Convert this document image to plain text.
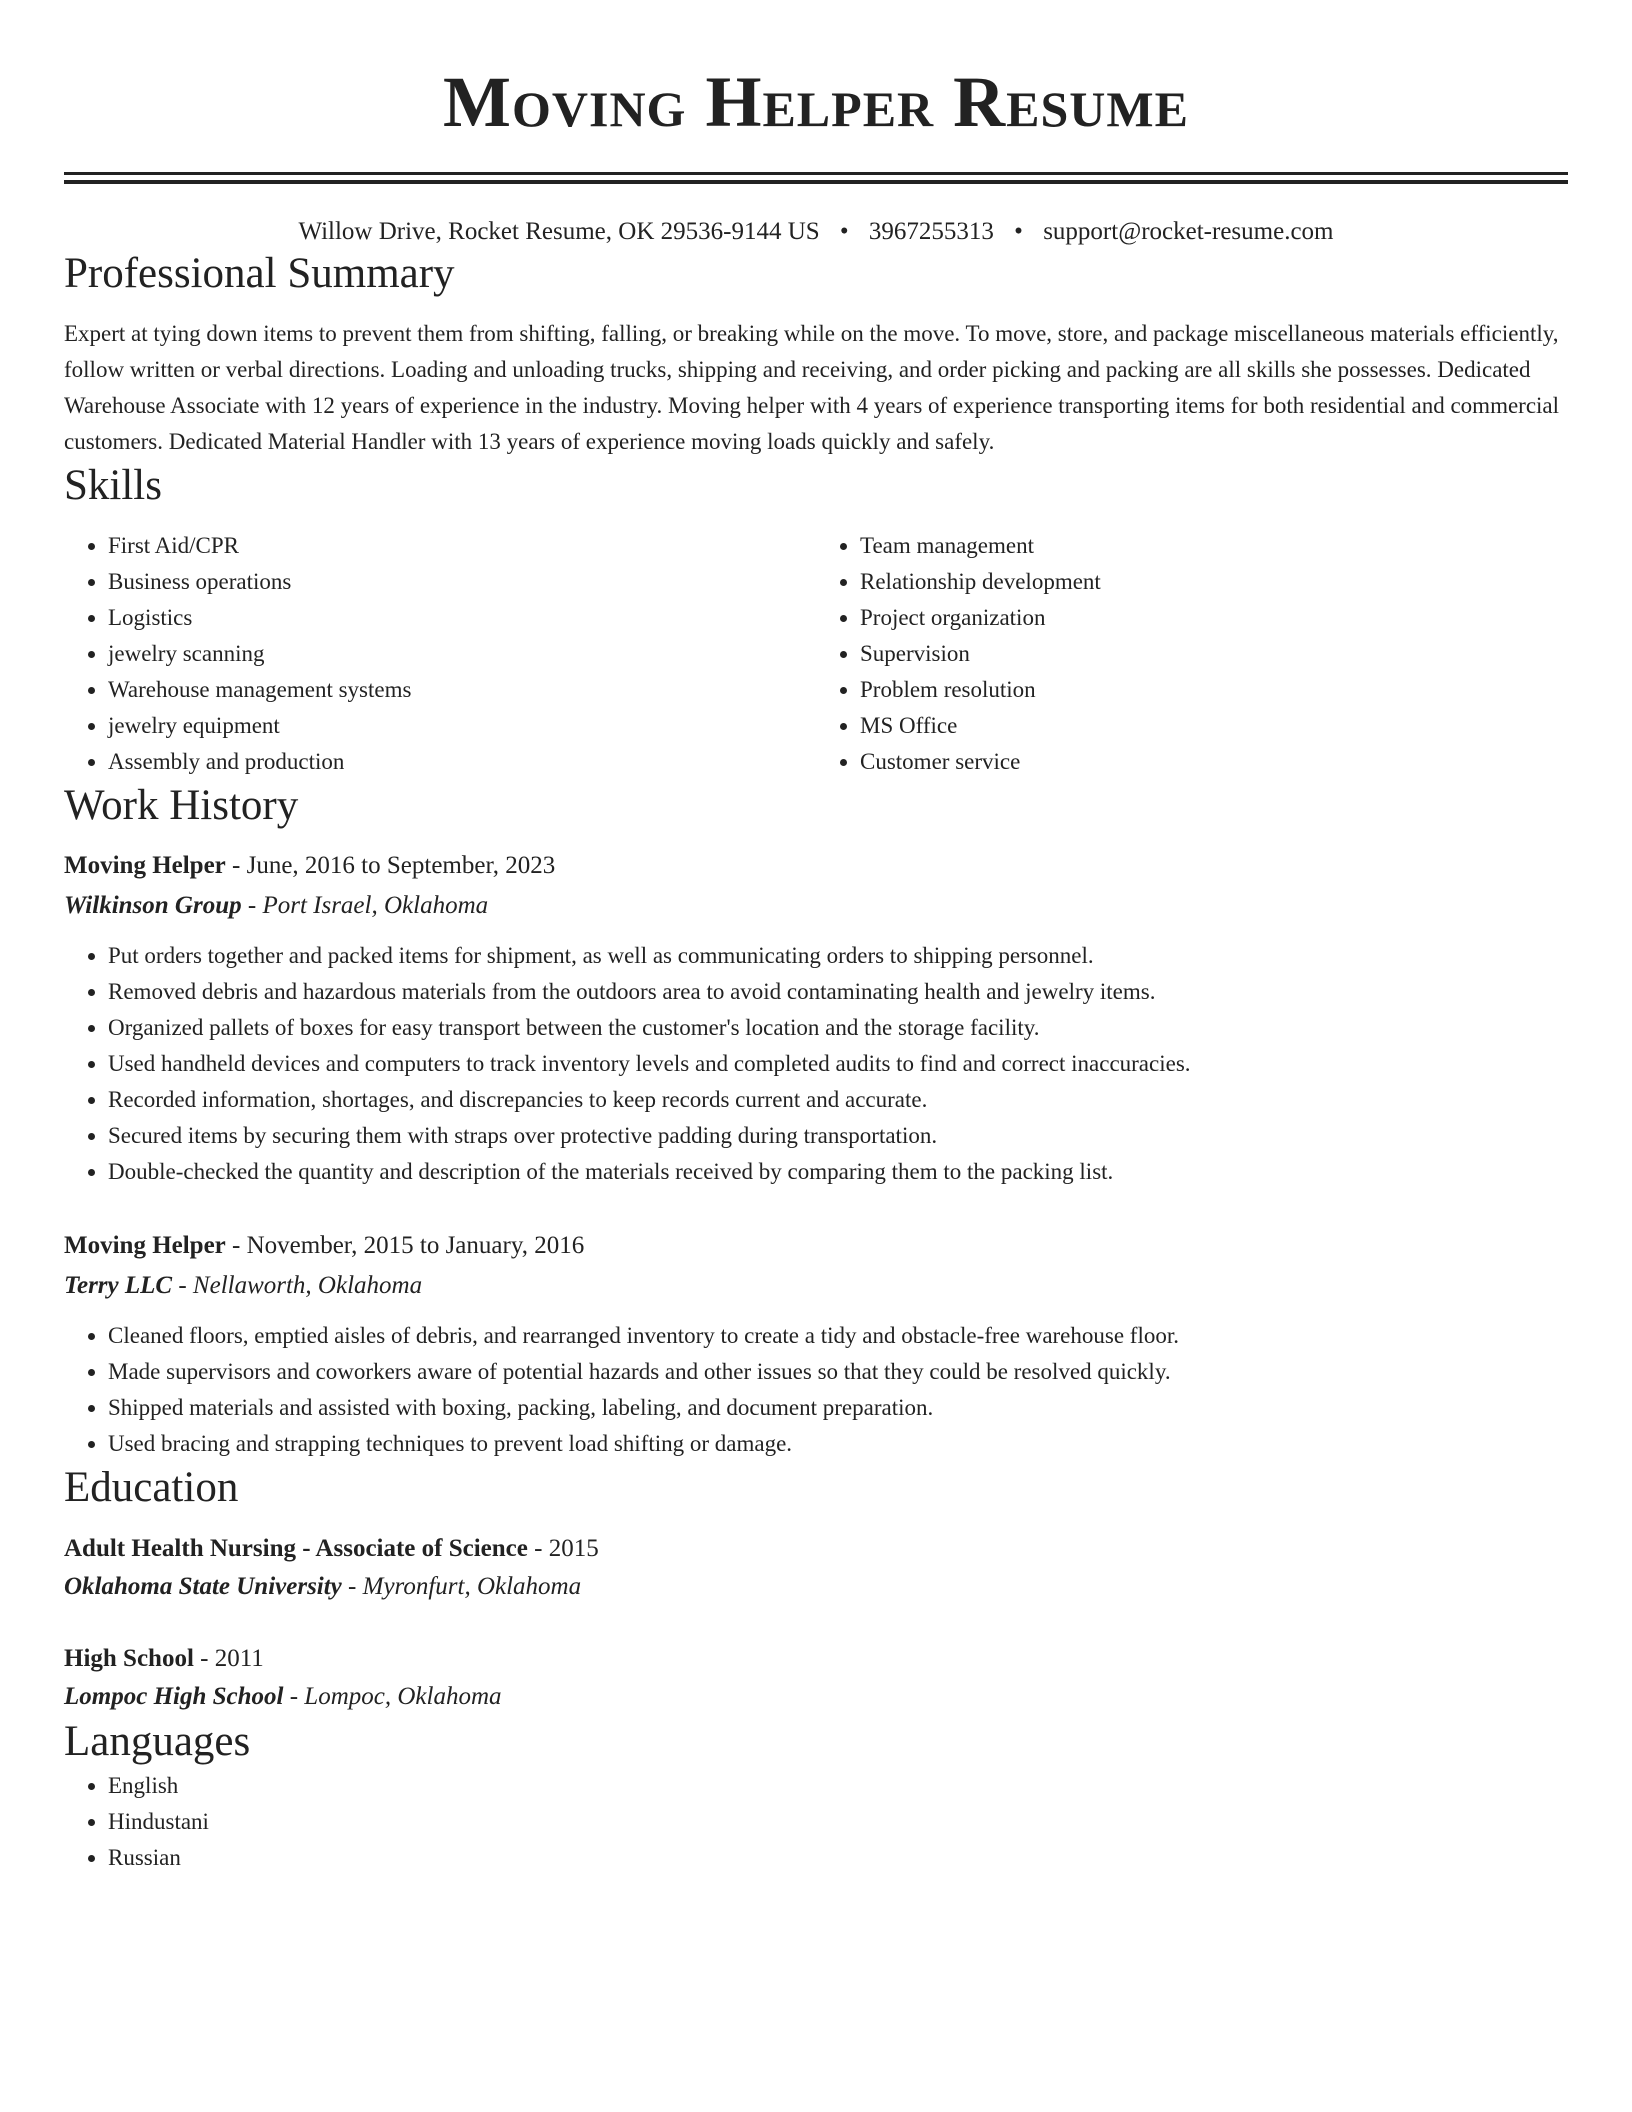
Moving Helper Resume
Willow Drive, Rocket Resume, OK 29536-9144 US • 3967255313 • support@rocket-resume.com
Professional Summary

Expert at tying down items to prevent them from shifting, falling, or breaking while on the move. To move, store, and package miscellaneous materials efficiently, follow written or verbal directions. Loading and unloading trucks, shipping and receiving, and order picking and packing are all skills she possesses. Dedicated Warehouse Associate with 12 years of experience in the industry. Moving helper with 4 years of experience transporting items for both residential and commercial customers. Dedicated Material Handler with 13 years of experience moving loads quickly and safely.

Skills
• First Aid/CPR
• Business operations
• Logistics
• jewelry scanning
• Warehouse management systems
• jewelry equipment
• Assembly and production
• Team management
• Relationship development
• Project organization
• Supervision
• Problem resolution
• MS Office
• Customer service
Work History
Moving Helper - June, 2016 to September, 2023
Wilkinson Group - Port Israel, Oklahoma
• Put orders together and packed items for shipment, as well as communicating orders to shipping personnel.
• Removed debris and hazardous materials from the outdoors area to avoid contaminating health and jewelry items.
• Organized pallets of boxes for easy transport between the customer's location and the storage facility.
• Used handheld devices and computers to track inventory levels and completed audits to find and correct inaccuracies.
• Recorded information, shortages, and discrepancies to keep records current and accurate.
• Secured items by securing them with straps over protective padding during transportation.
• Double-checked the quantity and description of the materials received by comparing them to the packing list.
Moving Helper - November, 2015 to January, 2016
Terry LLC - Nellaworth, Oklahoma
• Cleaned floors, emptied aisles of debris, and rearranged inventory to create a tidy and obstacle-free warehouse floor.
• Made supervisors and coworkers aware of potential hazards and other issues so that they could be resolved quickly.
• Shipped materials and assisted with boxing, packing, labeling, and document preparation.
• Used bracing and strapping techniques to prevent load shifting or damage.
Education
Adult Health Nursing - Associate of Science - 2015
Oklahoma State University - Myronfurt, Oklahoma
High School - 2011
Lompoc High School - Lompoc, Oklahoma
Languages
• English
• Hindustani
• Russian
